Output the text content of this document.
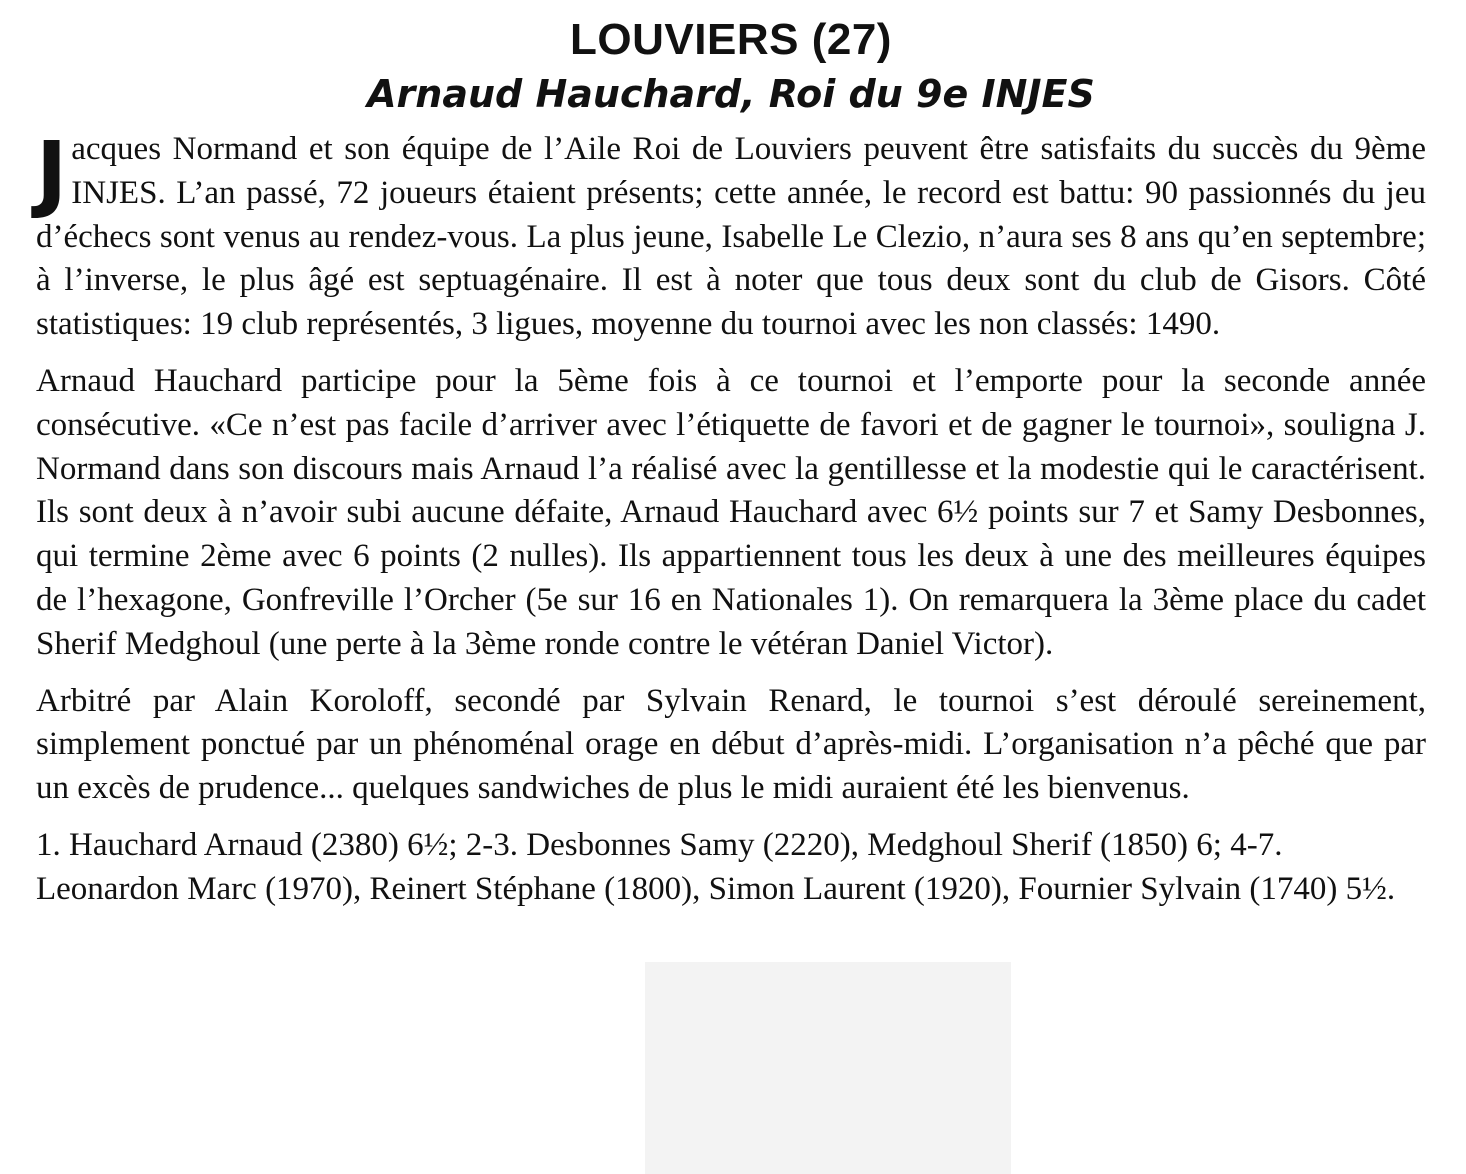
LOUVIERS (27)
Arnaud Hauchard, Roi du 9e INJES

Jacques Normand et son équipe de l’Aile Roi de Louviers peuvent être satisfaits du succès du 9ème INJES. L’an passé, 72 joueurs étaient présents; cette année, le record est battu: 90 passionnés du jeu d’échecs sont venus au rendez-vous. La plus jeune, Isabelle Le Clezio, n’aura ses 8 ans qu’en septembre; à l’inverse, le plus âgé est septuagénaire. Il est à noter que tous deux sont du club de Gisors. Côté statistiques: 19 club représentés, 3 ligues, moyenne du tournoi avec les non classés: 1490.

Arnaud Hauchard participe pour la 5ème fois à ce tournoi et l’emporte pour la seconde année consécutive. «Ce n’est pas facile d’arriver avec l’étiquette de favori et de gagner le tournoi», souligna J. Normand dans son discours mais Arnaud l’a réalisé avec la gentillesse et la modestie qui le caractérisent. Ils sont deux à n’avoir subi aucune défaite, Arnaud Hauchard avec 6½ points sur 7 et Samy Desbonnes, qui termine 2ème avec 6 points (2 nulles). Ils appartiennent tous les deux à une des meilleures équipes de l’hexagone, Gonfreville l’Orcher (5e sur 16 en Nationales 1). On remarquera la 3ème place du cadet Sherif Medghoul (une perte à la 3ème ronde contre le vétéran Daniel Victor).

Arbitré par Alain Koroloff, secondé par Sylvain Renard, le tournoi s’est déroulé sereinement, simplement ponctué par un phénoménal orage en début d’après-midi. L’organisation n’a pêché que par un excès de prudence... quelques sandwiches de plus le midi auraient été les bienvenus.

1. Hauchard Arnaud (2380) 6½; 2-3. Desbonnes Samy (2220), Medghoul Sherif (1850) 6; 4-7. Leonardon Marc (1970), Reinert Stéphane (1800), Simon Laurent (1920), Fournier Sylvain (1740) 5½.
